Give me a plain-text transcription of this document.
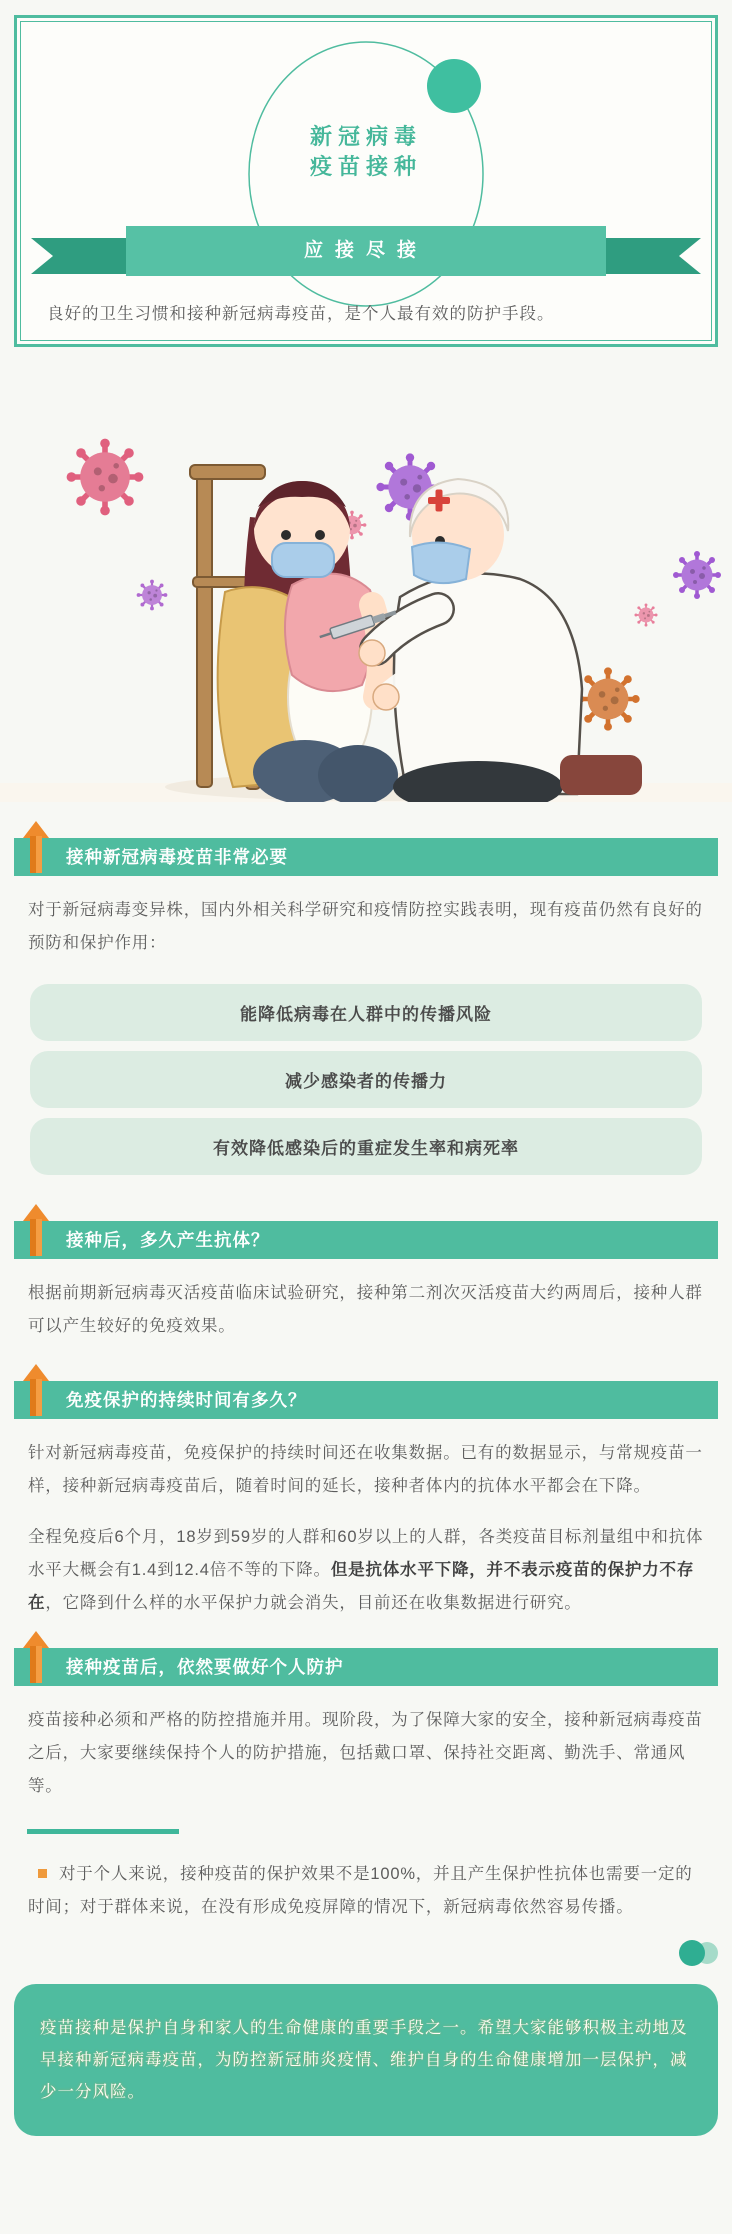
新冠病毒
疫苗接种
应接尽接
良好的卫生习惯和接种新冠病毒疫苗，是个人最有效的防护手段。
接种新冠病毒疫苗非常必要

对于新冠病毒变异株，国内外相关科学研究和疫情防控实践表明，现有疫苗仍然有良好的预防和保护作用：

能降低病毒在人群中的传播风险
减少感染者的传播力
有效降低感染后的重症发生率和病死率
接种后，多久产生抗体？

根据前期新冠病毒灭活疫苗临床试验研究，接种第二剂次灭活疫苗大约两周后，接种人群可以产生较好的免疫效果。

免疫保护的持续时间有多久？

针对新冠病毒疫苗，免疫保护的持续时间还在收集数据。已有的数据显示，与常规疫苗一样，接种新冠病毒疫苗后，随着时间的延长，接种者体内的抗体水平都会在下降。

全程免疫后6个月，18岁到59岁的人群和60岁以上的人群，各类疫苗目标剂量组中和抗体水平大概会有1.4到12.4倍不等的下降。但是抗体水平下降，并不表示疫苗的保护力不存在，它降到什么样的水平保护力就会消失，目前还在收集数据进行研究。

接种疫苗后，依然要做好个人防护

疫苗接种必须和严格的防控措施并用。现阶段，为了保障大家的安全，接种新冠病毒疫苗之后，大家要继续保持个人的防护措施，包括戴口罩、保持社交距离、勤洗手、常通风等。

对于个人来说，接种疫苗的保护效果不是100%，并且产生保护性抗体也需要一定的时间；对于群体来说，在没有形成免疫屏障的情况下，新冠病毒依然容易传播。

疫苗接种是保护自身和家人的生命健康的重要手段之一。希望大家能够积极主动地及早接种新冠病毒疫苗，为防控新冠肺炎疫情、维护自身的生命健康增加一层保护，减少一分风险。
